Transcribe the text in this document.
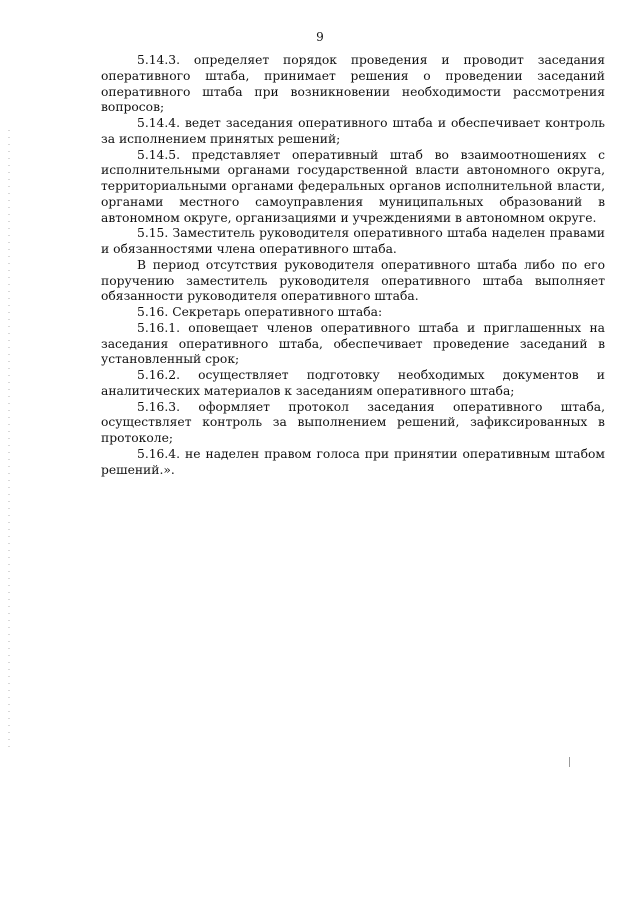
9

5.14.3. определяет порядок проведения и проводит заседания оперативного штаба, принимает решения о проведении заседаний оперативного штаба при возникновении необходимости рассмотрения вопросов;

5.14.4. ведет заседания оперативного штаба и обеспечивает контроль за исполнением принятых решений;

5.14.5. представляет оперативный штаб во взаимоотношениях с исполнительными органами государственной власти автономного округа, территориальными органами федеральных органов исполнительной власти, органами местного самоуправления муниципальных образований в автономном округе, организациями и учреждениями в автономном округе.

5.15. Заместитель руководителя оперативного штаба наделен правами и обязанностями члена оперативного штаба.

В период отсутствия руководителя оперативного штаба либо по его поручению заместитель руководителя оперативного штаба выполняет обязанности руководителя оперативного штаба.

5.16. Секретарь оперативного штаба:

5.16.1. оповещает членов оперативного штаба и приглашенных на заседания оперативного штаба, обеспечивает проведение заседаний в установленный срок;

5.16.2. осуществляет подготовку необходимых документов и аналитических материалов к заседаниям оперативного штаба;

5.16.3. оформляет протокол заседания оперативного штаба, осуществляет контроль за выполнением решений, зафиксированных в протоколе;

5.16.4. не наделен правом голоса при принятии оперативным штабом решений.».
